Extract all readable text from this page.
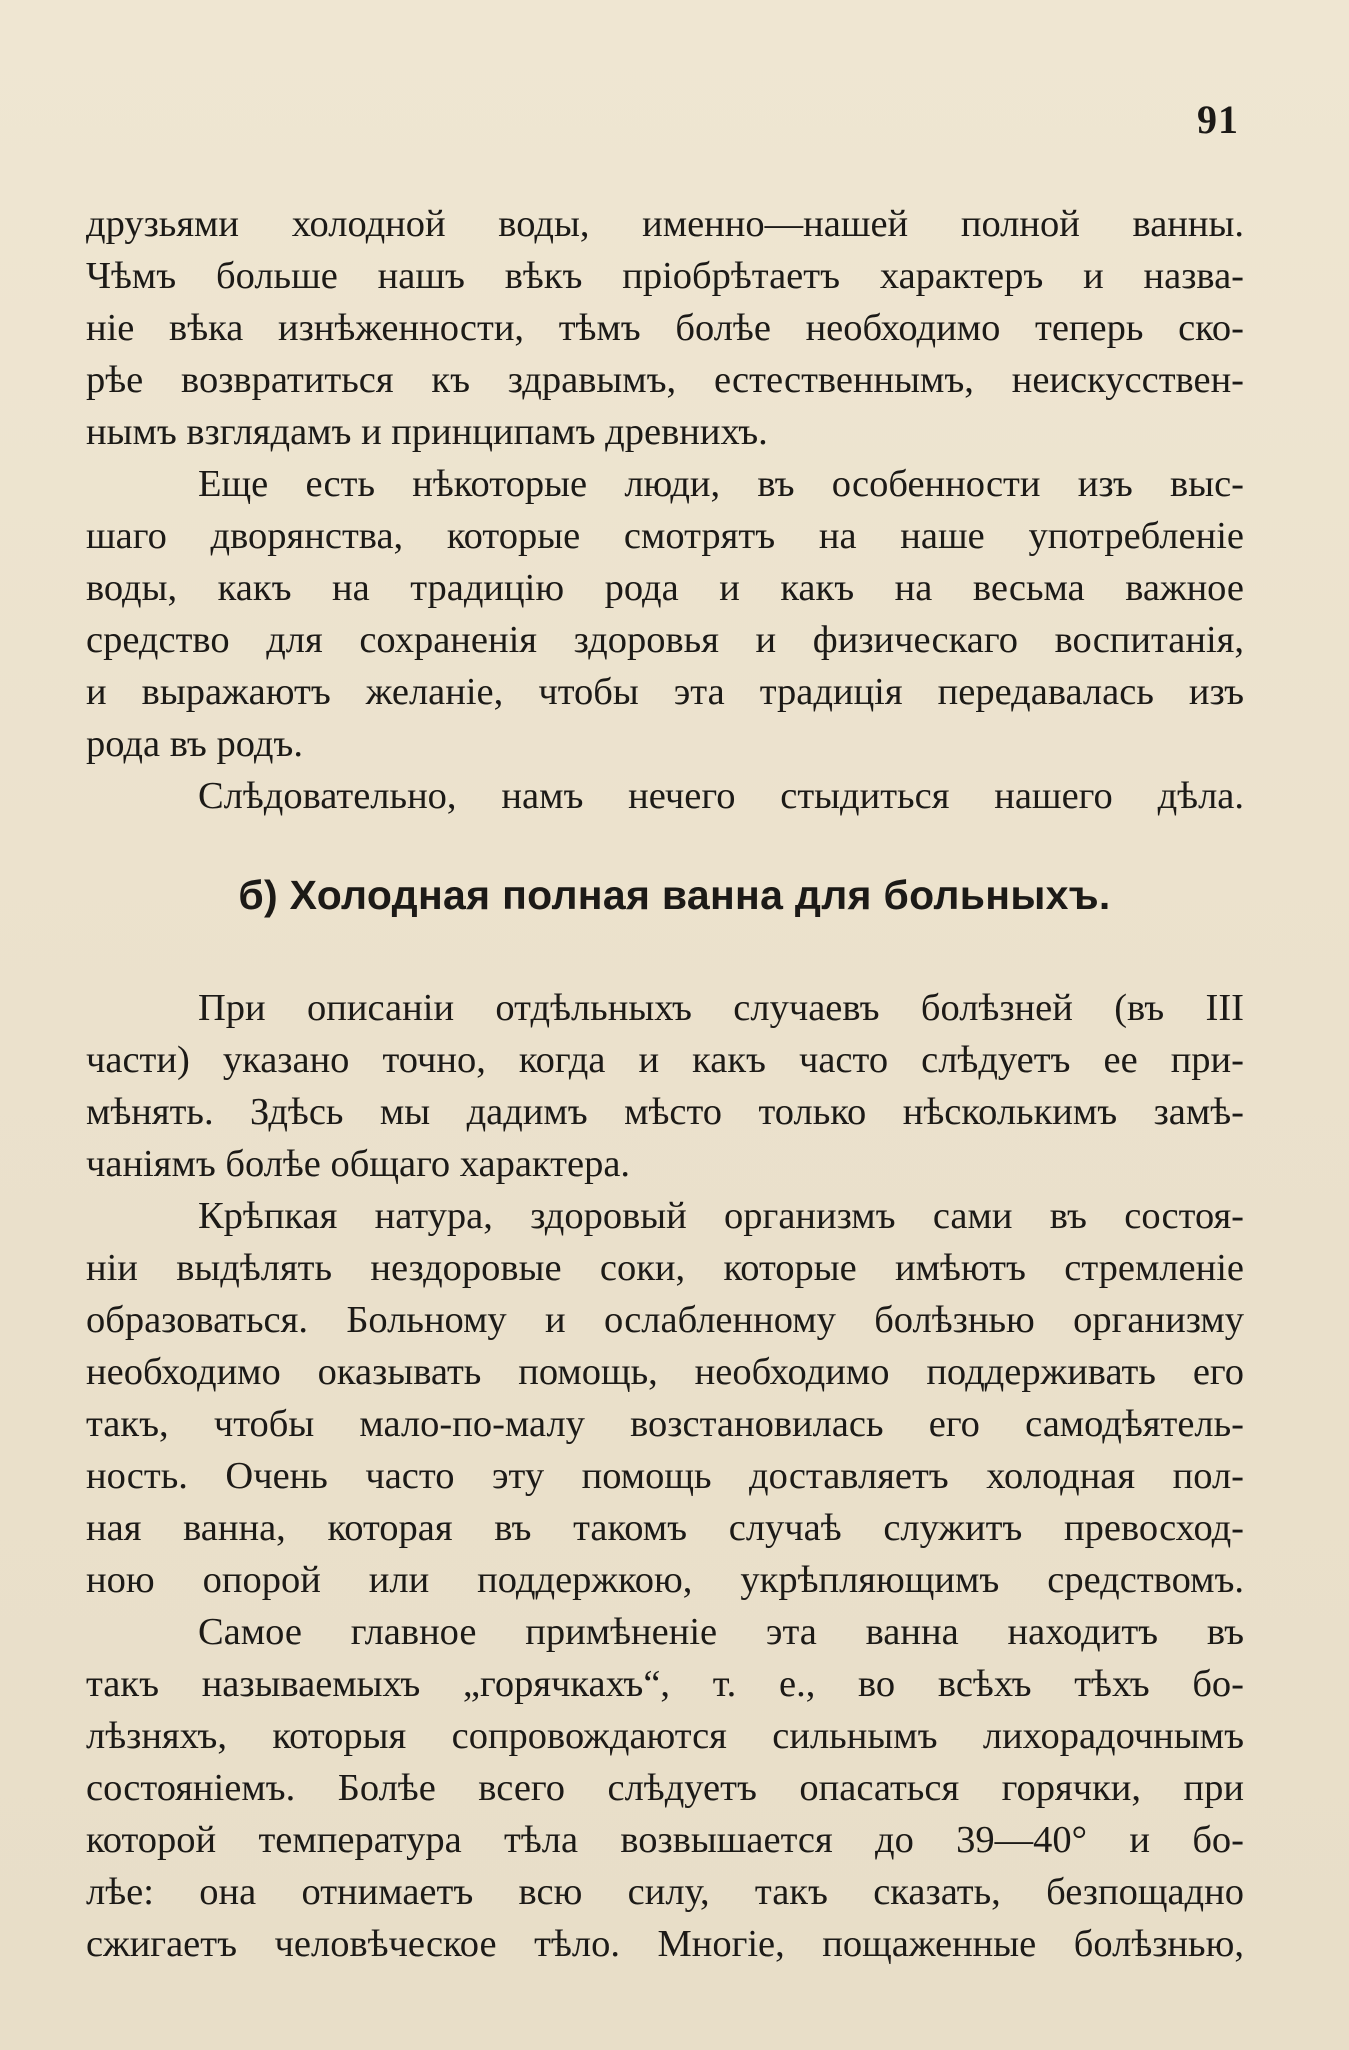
91
друзьями холодной воды, именно—нашей полной ванны.
Чѣмъ больше нашъ вѣкъ пріобрѣтаетъ характеръ и назва-
ніе вѣка изнѣженности, тѣмъ болѣе необходимо теперь ско-
рѣе возвратиться къ здравымъ, естественнымъ, неискусствен-
нымъ взглядамъ и принципамъ древнихъ.
Еще есть нѣкоторые люди, въ особенности изъ выс-
шаго дворянства, которые смотрятъ на наше употребленіе
воды, какъ на традицію рода и какъ на весьма важное
средство для сохраненія здоровья и физическаго воспитанія,
и выражаютъ желаніе, чтобы эта традиція передавалась изъ
рода въ родъ.
Слѣдовательно, намъ нечего стыдиться нашего дѣла.
б) Холодная полная ванна для больныхъ.
При описаніи отдѣльныхъ случаевъ болѣзней (въ III
части) указано точно, когда и какъ часто слѣдуетъ ее при-
мѣнять. Здѣсь мы дадимъ мѣсто только нѣсколькимъ замѣ-
чаніямъ болѣе общаго характера.
Крѣпкая натура, здоровый организмъ сами въ состоя-
ніи выдѣлять нездоровые соки, которые имѣютъ стремленіе
образоваться. Больному и ослабленному болѣзнью организму
необходимо оказывать помощь, необходимо поддерживать его
такъ, чтобы мало-по-малу возстановилась его самодѣятель-
ность. Очень часто эту помощь доставляетъ холодная пол-
ная ванна, которая въ такомъ случаѣ служитъ превосход-
ною опорой или поддержкою, укрѣпляющимъ средствомъ.
Самое главное примѣненіе эта ванна находитъ въ
такъ называемыхъ „горячкахъ“, т. е., во всѣхъ тѣхъ бо-
лѣзняхъ, которыя сопровождаются сильнымъ лихорадочнымъ
состояніемъ. Болѣе всего слѣдуетъ опасаться горячки, при
которой температура тѣла возвышается до 39—40° и бо-
лѣе: она отнимаетъ всю силу, такъ сказать, безпощадно
сжигаетъ человѣческое тѣло. Многіе, пощаженные болѣзнью,
